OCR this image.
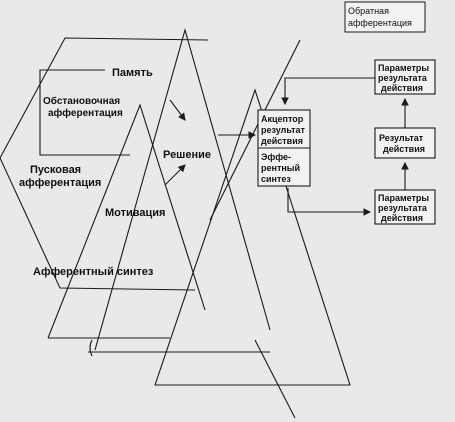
Память
Обстановочная
афферентация
Пусковая
афферентация
Мотивация
Афферентный синтез
Решение
Акцептор
результат
действия
Эффе-
рентный
синтез
Обратная
афферентация
Параметры
результата
действия
Результат
действия
Параметры
результата
действия
